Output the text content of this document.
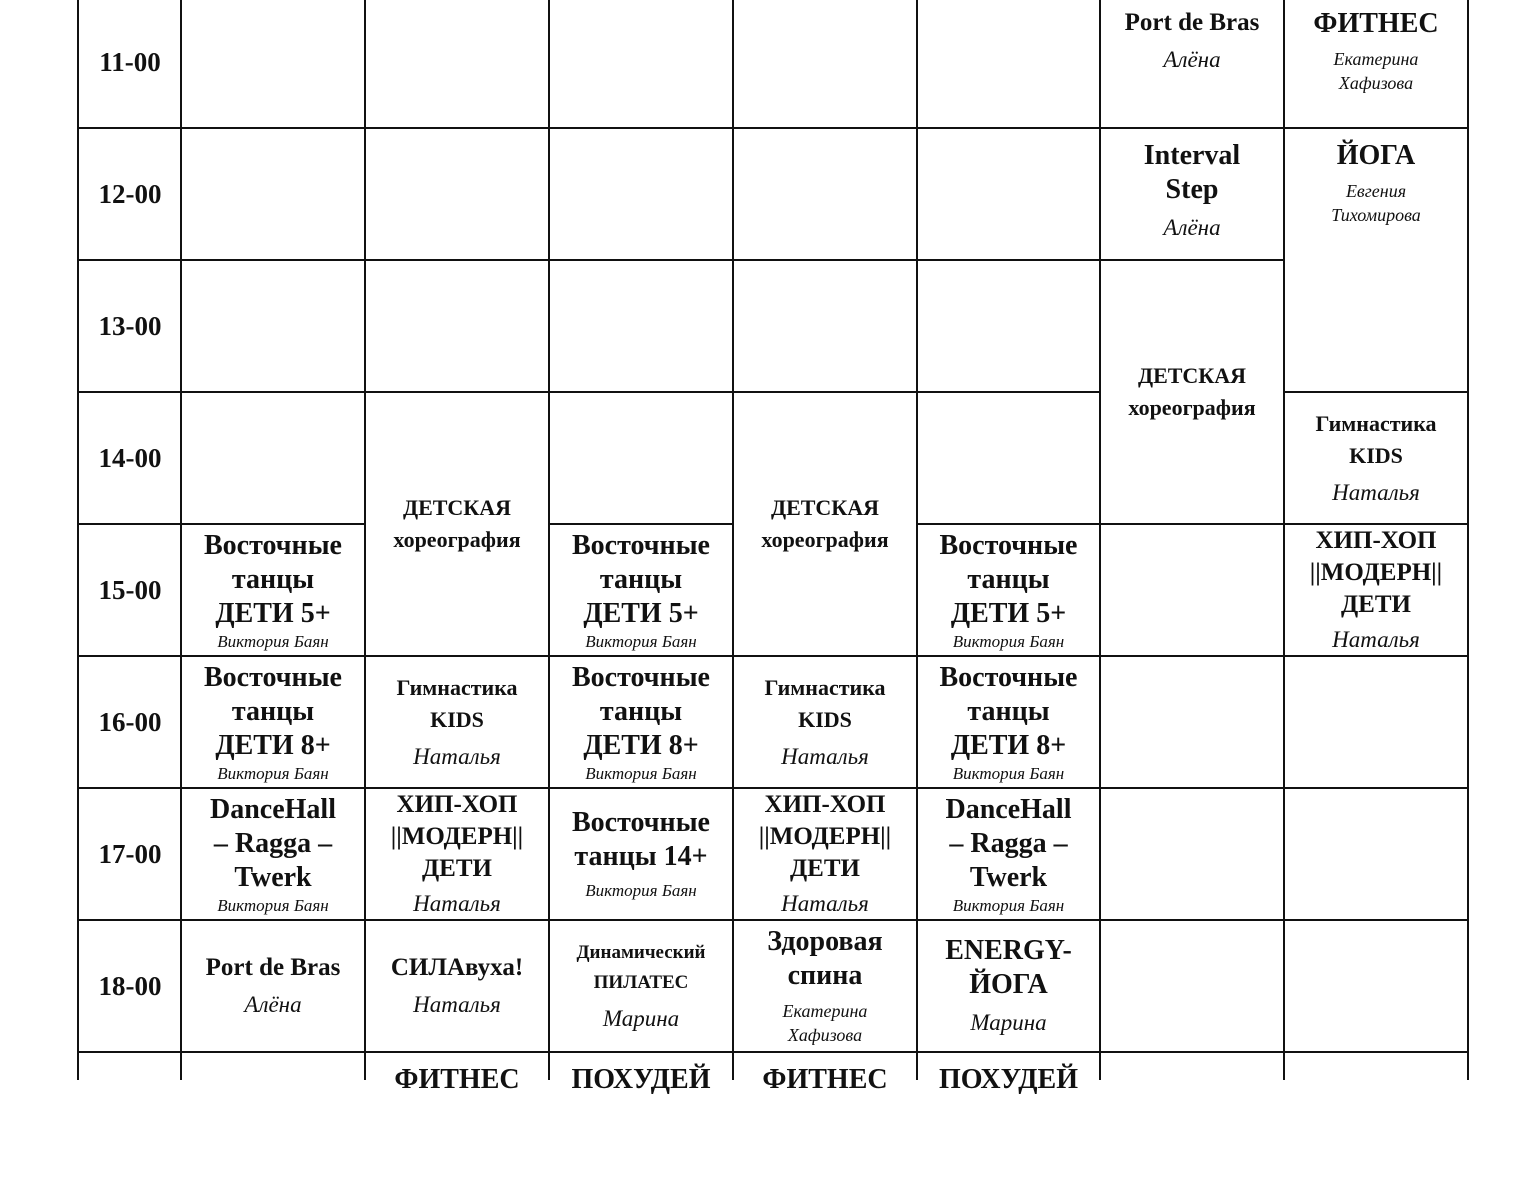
11-00
12-00
13-00
14-00
15-00
16-00
17-00
18-00
Port de Bras
Алёна
ФИТНЕС
Екатерина
Хафизова
Interval
Step
Алёна
ЙОГА
Евгения
Тихомирова
ДЕТСКАЯ
хореография
Гимнастика
KIDS
Наталья
ДЕТСКАЯ
хореография
ДЕТСКАЯ
хореография
Восточные
танцы
ДЕТИ 5+
Виктория Баян
Восточные
танцы
ДЕТИ 5+
Виктория Баян
Восточные
танцы
ДЕТИ 5+
Виктория Баян
ХИП-ХОП
||МОДЕРН||
ДЕТИ
Наталья
Восточные
танцы
ДЕТИ 8+
Виктория Баян
Гимнастика
KIDS
Наталья
Восточные
танцы
ДЕТИ 8+
Виктория Баян
Гимнастика
KIDS
Наталья
Восточные
танцы
ДЕТИ 8+
Виктория Баян
DanceHall
– Ragga –
Twerk
Виктория Баян
ХИП-ХОП
||МОДЕРН||
ДЕТИ
Наталья
Восточные
танцы 14+
Виктория Баян
ХИП-ХОП
||МОДЕРН||
ДЕТИ
Наталья
DanceHall
– Ragga –
Twerk
Виктория Баян
Port de Bras
Алёна
СИЛАвуха!
Наталья
Динамический
ПИЛАТЕС
Марина
Здоровая
спина
Екатерина
Хафизова
ENERGY-
ЙОГА
Марина
ФИТНЕС ПОХУДЕЙ ФИТНЕС ПОХУДЕЙ
